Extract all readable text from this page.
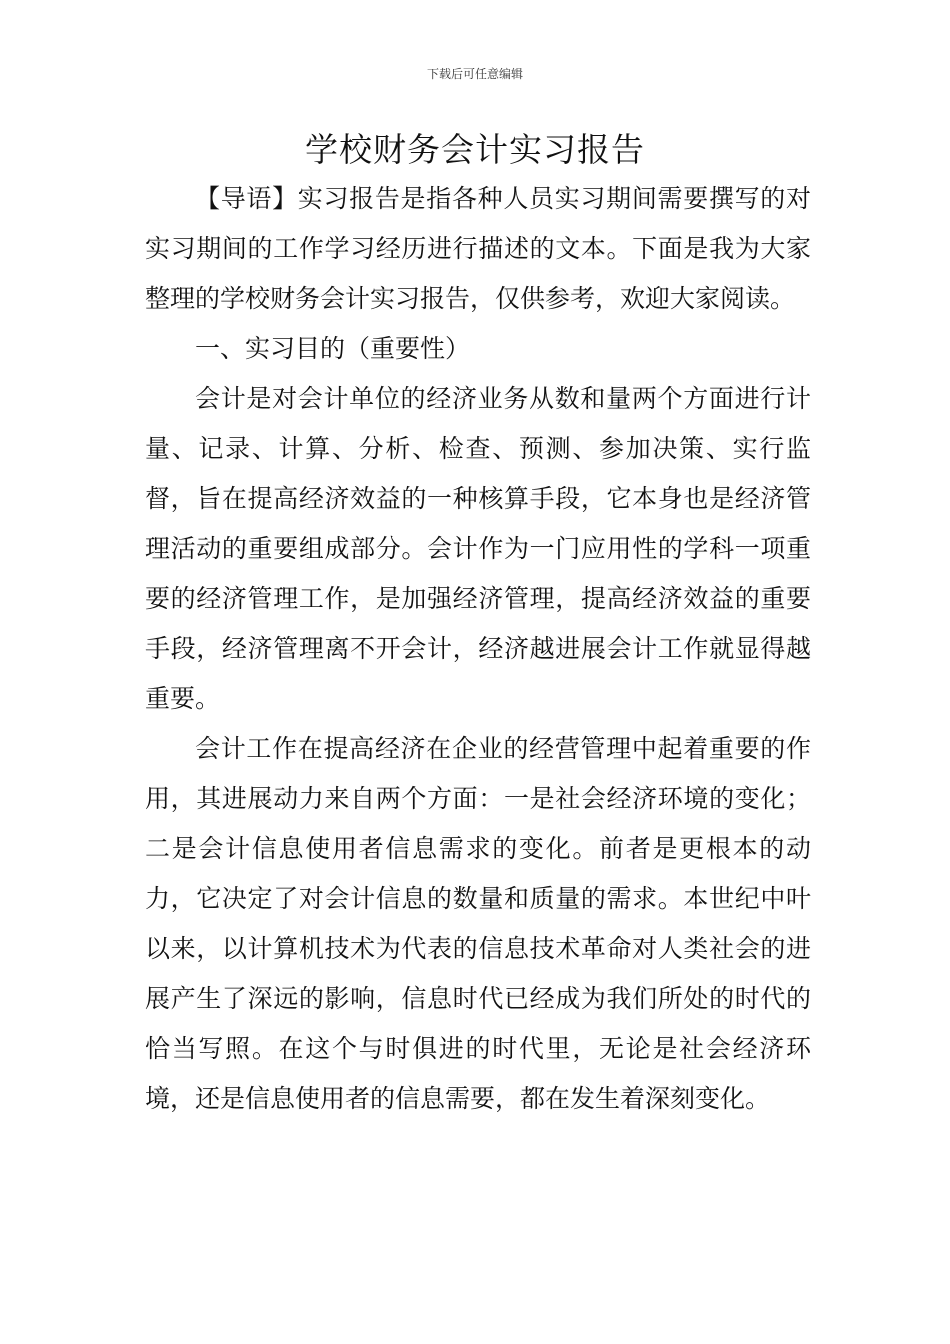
下载后可任意编辑
学校财务会计实习报告

【导语】实习报告是指各种人员实习期间需要撰写的对实习期间的工作学习经历进行描述的文本。下面是我为大家整理的学校财务会计实习报告，仅供参考，欢迎大家阅读。

一、实习目的（重要性）

会计是对会计单位的经济业务从数和量两个方面进行计量、记录、计算、分析、检查、预测、参加决策、实行监督，旨在提高经济效益的一种核算手段，它本身也是经济管理活动的重要组成部分。会计作为一门应用性的学科一项重要的经济管理工作，是加强经济管理，提高经济效益的重要手段，经济管理离不开会计，经济越进展会计工作就显得越重要。

会计工作在提高经济在企业的经营管理中起着重要的作用，其进展动力来自两个方面：一是社会经济环境的变化；二是会计信息使用者信息需求的变化。前者是更根本的动力，它决定了对会计信息的数量和质量的需求。本世纪中叶以来，以计算机技术为代表的信息技术革命对人类社会的进展产生了深远的影响，信息时代已经成为我们所处的时代的恰当写照。在这个与时俱进的时代里，无论是社会经济环境，还是信息使用者的信息需要，都在发生着深刻变化。
